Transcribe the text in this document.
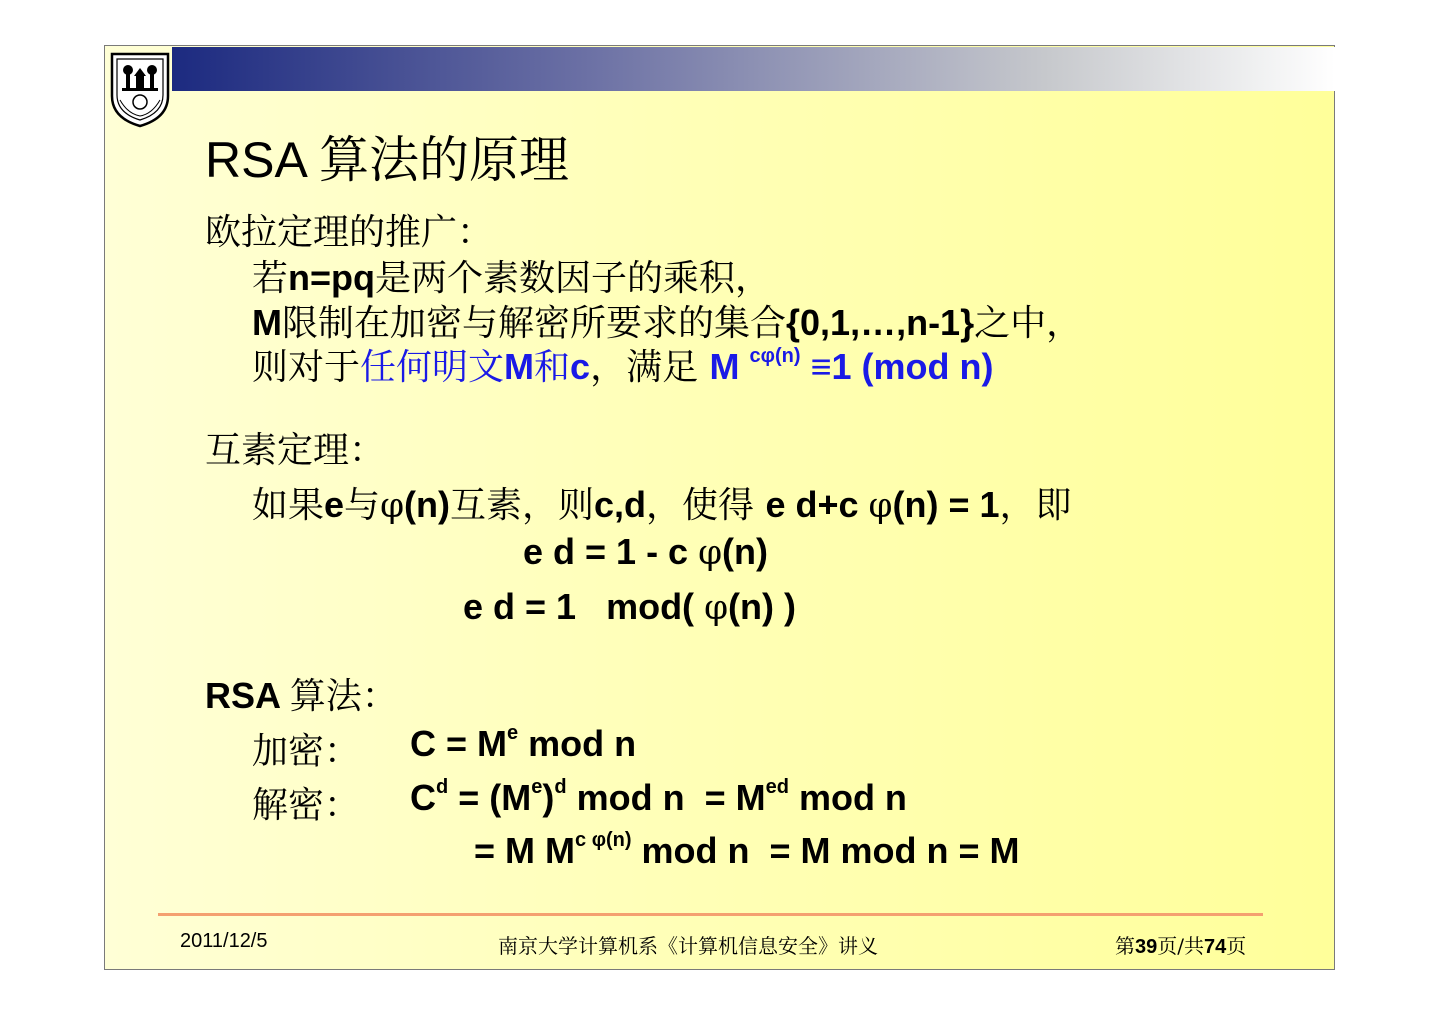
RSA 算法的原理
欧拉定理的推广：
若n=pq是两个素数因子的乘积，
M限制在加密与解密所要求的集合{0,1,…,n-1}之中，
则对于任何明文M和c，满足 M $^{c\varphi(n)}$ ≡1 (mod n)
互素定理：
如果e与φ(n)互素，则c,d，使得 e d+c φ(n) = 1，即
e d = 1 - c φ(n)
e d = 1   mod( φ(n) )
RSA 算法：
加密： $C = M^e$ mod n
解密： $C^d = (M^e)^d$ mod $n = M^{ed}$ mod n
= M $M^{c \varphi(n)}$ mod n  = M mod n = M
2011/12/5	南京大学计算机系《计算机信息安全》讲义	第39页/共74页
